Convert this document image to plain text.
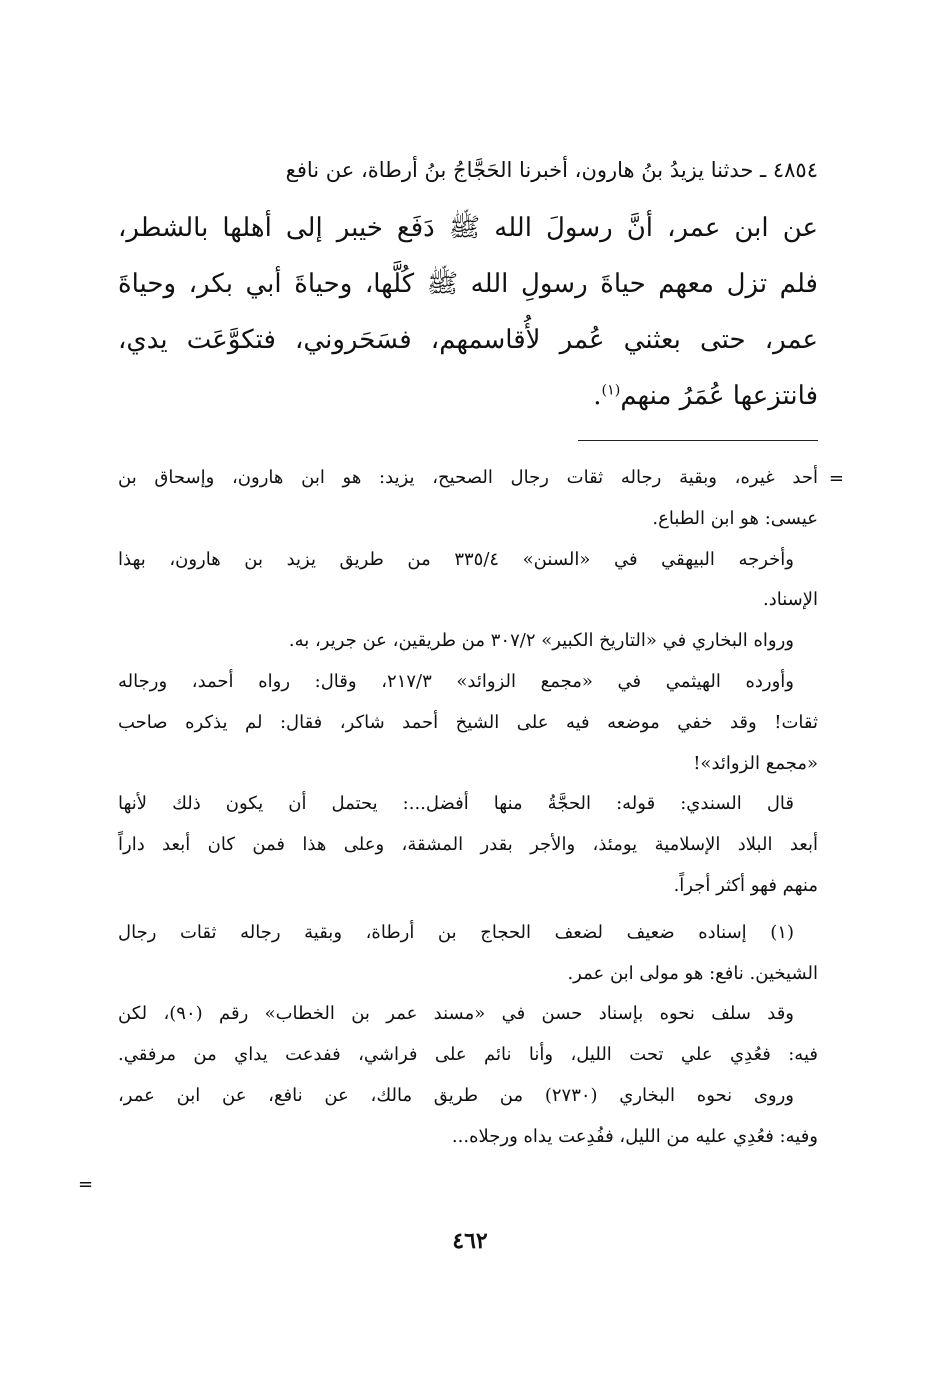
٤٨٥٤ ـ حدثنا يزيدُ بنُ هارون، أخبرنا الحَجَّاجُ بنُ أرطاة، عن نافع
عن ابن عمر، أنَّ رسولَ الله ﷺ دَفَع خيبر إلى أهلها بالشطر،
فلم تزل معهم حياةَ رسولِ الله ﷺ كُلَّها، وحياةَ أبي بكر، وحياةَ
عمر، حتى بعثني عُمر لأُقاسمهم، فسَحَروني، فتكوَّعَت يدي،
فانتزعها عُمَرُ منهم$^{(١)}$.
=
أحد غيره، وبقية رجاله ثقات رجال الصحيح، يزيد: هو ابن هارون، وإسحاق بن
عيسى: هو ابن الطباع.
وأخرجه البيهقي في «السنن» ٣٣٥/٤ من طريق يزيد بن هارون، بهذا
الإسناد.
ورواه البخاري في «التاريخ الكبير» ٣٠٧/٢ من طريقين، عن جرير، به.
وأورده الهيثمي في «مجمع الزوائد» ٢١٧/٣، وقال: رواه أحمد، ورجاله
ثقات! وقد خفي موضعه فيه على الشيخ أحمد شاكر، فقال: لم يذكره صاحب
«مجمع الزوائد»!
قال السندي: قوله: الحجَّةُ منها أفضل...: يحتمل أن يكون ذلك لأنها
أبعد البلاد الإسلامية يومئذ، والأجر بقدر المشقة، وعلى هذا فمن كان أبعد داراً
منهم فهو أكثر أجراً.
(١) إسناده ضعيف لضعف الحجاج بن أرطاة، وبقية رجاله ثقات رجال
الشيخين. نافع: هو مولى ابن عمر.
وقد سلف نحوه بإسناد حسن في «مسند عمر بن الخطاب» رقم (٩٠)، لكن
فيه: فعُدِي علي تحت الليل، وأنا نائم على فراشي، ففدعت يداي من مرفقي.
وروى نحوه البخاري (٢٧٣٠) من طريق مالك، عن نافع، عن ابن عمر،
وفيه: فعُدِي عليه من الليل، ففُدِعت يداه ورجلاه...
=
٤٦٢
